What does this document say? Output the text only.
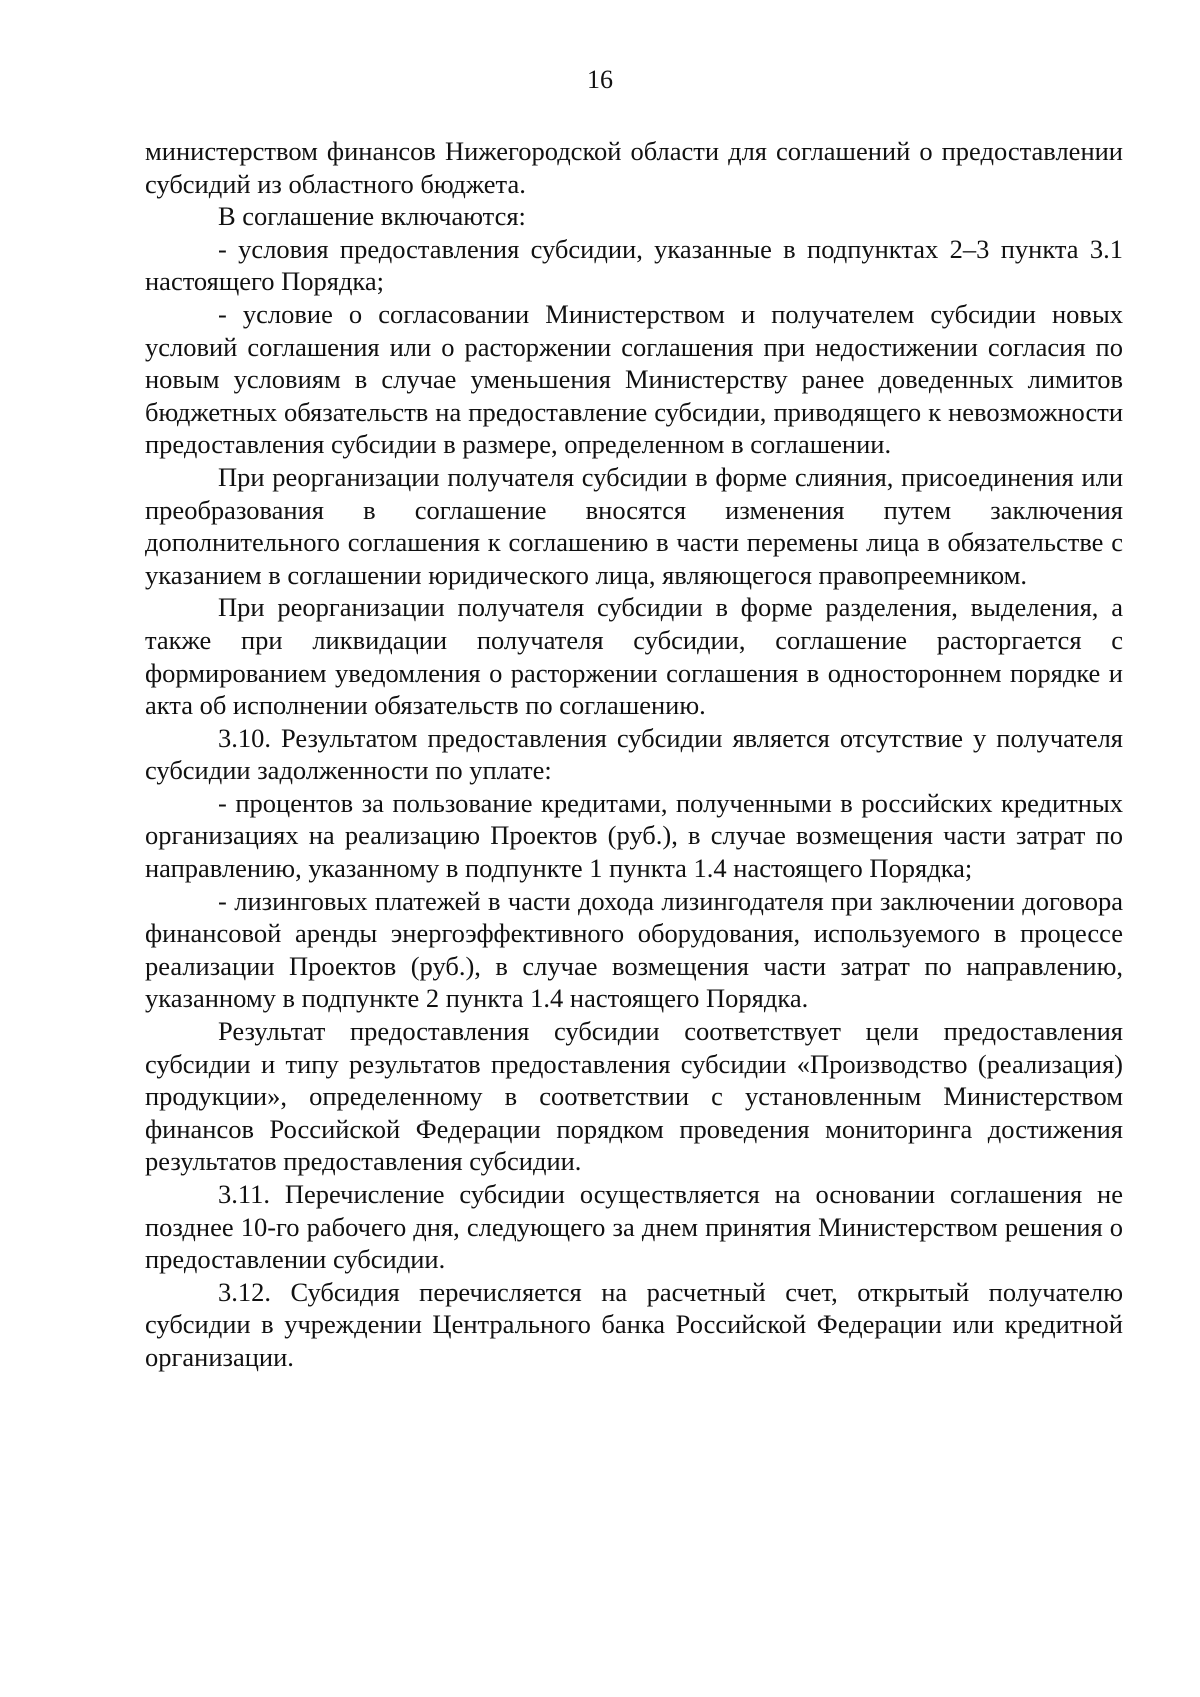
16

министерством финансов Нижегородской области для соглашений о предоставлении субсидий из областного бюджета.

В соглашение включаются:

- условия предоставления субсидии, указанные в подпунктах 2–3 пункта 3.1 настоящего Порядка;

- условие о согласовании Министерством и получателем субсидии новых условий соглашения или о расторжении соглашения при недостижении согласия по новым условиям в случае уменьшения Министерству ранее доведенных лимитов бюджетных обязательств на предоставление субсидии, приводящего к невозможности предоставления субсидии в размере, определенном в соглашении.

При реорганизации получателя субсидии в форме слияния, присоединения или преобразования в соглашение вносятся изменения путем заключения дополнительного соглашения к соглашению в части перемены лица в обязательстве с указанием в соглашении юридического лица, являющегося правопреемником.

При реорганизации получателя субсидии в форме разделения, выделения, а также при ликвидации получателя субсидии, соглашение расторгается с формированием уведомления о расторжении соглашения в одностороннем порядке и акта об исполнении обязательств по соглашению.

3.10. Результатом предоставления субсидии является отсутствие у получателя субсидии задолженности по уплате:

- процентов за пользование кредитами, полученными в российских кредитных организациях на реализацию Проектов (руб.), в случае возмещения части затрат по направлению, указанному в подпункте 1 пункта 1.4 настоящего Порядка;

- лизинговых платежей в части дохода лизингодателя при заключении договора финансовой аренды энергоэффективного оборудования, используемого в процессе реализации Проектов (руб.), в случае возмещения части затрат по направлению, указанному в подпункте 2 пункта 1.4 настоящего Порядка.

Результат предоставления субсидии соответствует цели предоставления субсидии и типу результатов предоставления субсидии «Производство (реализация) продукции», определенному в соответствии с установленным Министерством финансов Российской Федерации порядком проведения мониторинга достижения результатов предоставления субсидии.

3.11. Перечисление субсидии осуществляется на основании соглашения не позднее 10-го рабочего дня, следующего за днем принятия Министерством решения о предоставлении субсидии.

3.12. Субсидия перечисляется на расчетный счет, открытый получателю субсидии в учреждении Центрального банка Российской Федерации или кредитной организации.
